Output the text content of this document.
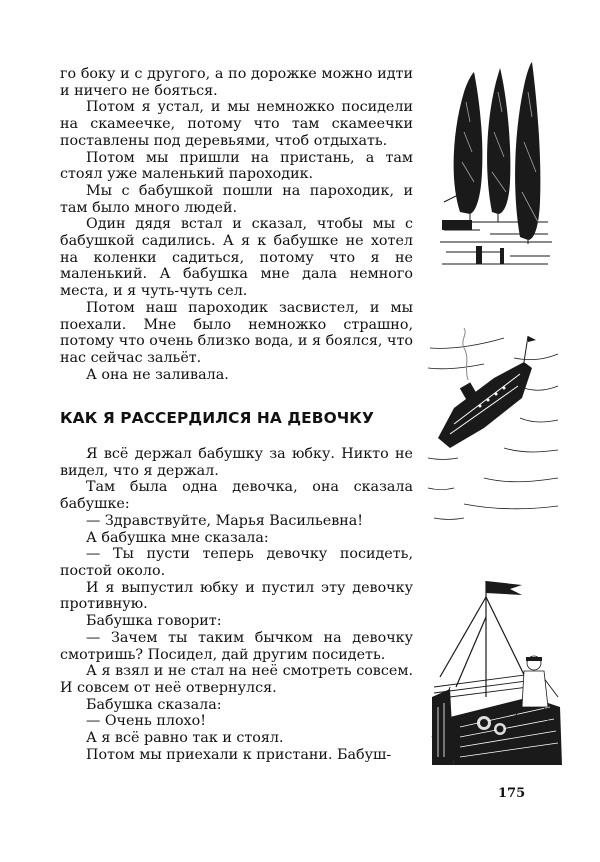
го боку и с другого, а по дорожке можно идти и ничего не бояться.

Потом я устал, и мы немножко посидели на скамеечке, потому что там скамеечки поставлены под деревьями, чтоб отдыхать.

Потом мы пришли на пристань, а там стоял уже маленький пароходик.

Мы с бабушкой пошли на пароходик, и там было много людей.

Один дядя встал и сказал, чтобы мы с бабушкой садились. А я к бабушке не хотел на коленки садиться, потому что я не маленький. А бабушка мне дала немного места, и я чуть-чуть сел.

Потом наш пароходик засвистел, и мы поехали. Мне было немножко страшно, потому что очень близко вода, и я боялся, что нас сейчас зальёт.

А она не заливала.

КАК Я РАССЕРДИЛСЯ НА ДЕВОЧКУ

Я всё держал бабушку за юбку. Никто не видел, что я держал.

Там была одна девочка, она сказала бабушке:

— Здравствуйте, Марья Васильевна!

А бабушка мне сказала:

— Ты пусти теперь девочку посидеть, постой около.

И я выпустил юбку и пустил эту девочку противную.

Бабушка говорит:

— Зачем ты таким бычком на девочку смотришь? Посидел, дай другим посидеть.

А я взял и не стал на неё смотреть совсем. И совсем от неё отвернулся.

Бабушка сказала:

— Очень плохо!

А я всё равно так и стоял.

Потом мы приехали к пристани. Бабуш-

175
